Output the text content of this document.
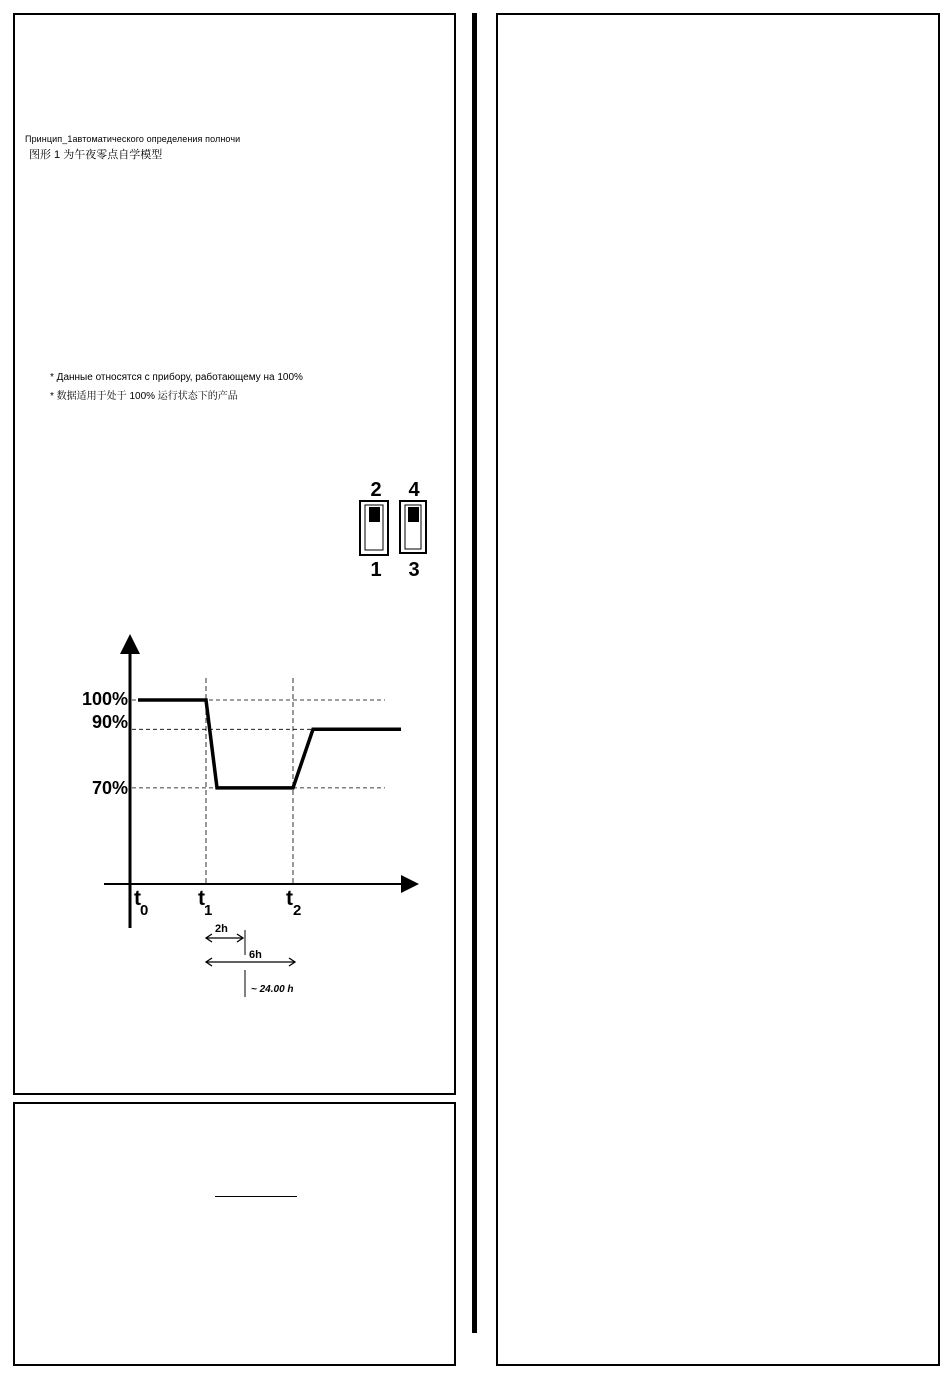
Принцип_1автоматического определения полночи
图形 1 为午夜零点自学模型
* Данные относятся с прибору, работающему на 100%
* 数据适用于处于 100% 运行状态下的产品
2 4
1 3
100%
90%
70%
t
0
t
1
t
2
2h
6h
~ 24.00 h
